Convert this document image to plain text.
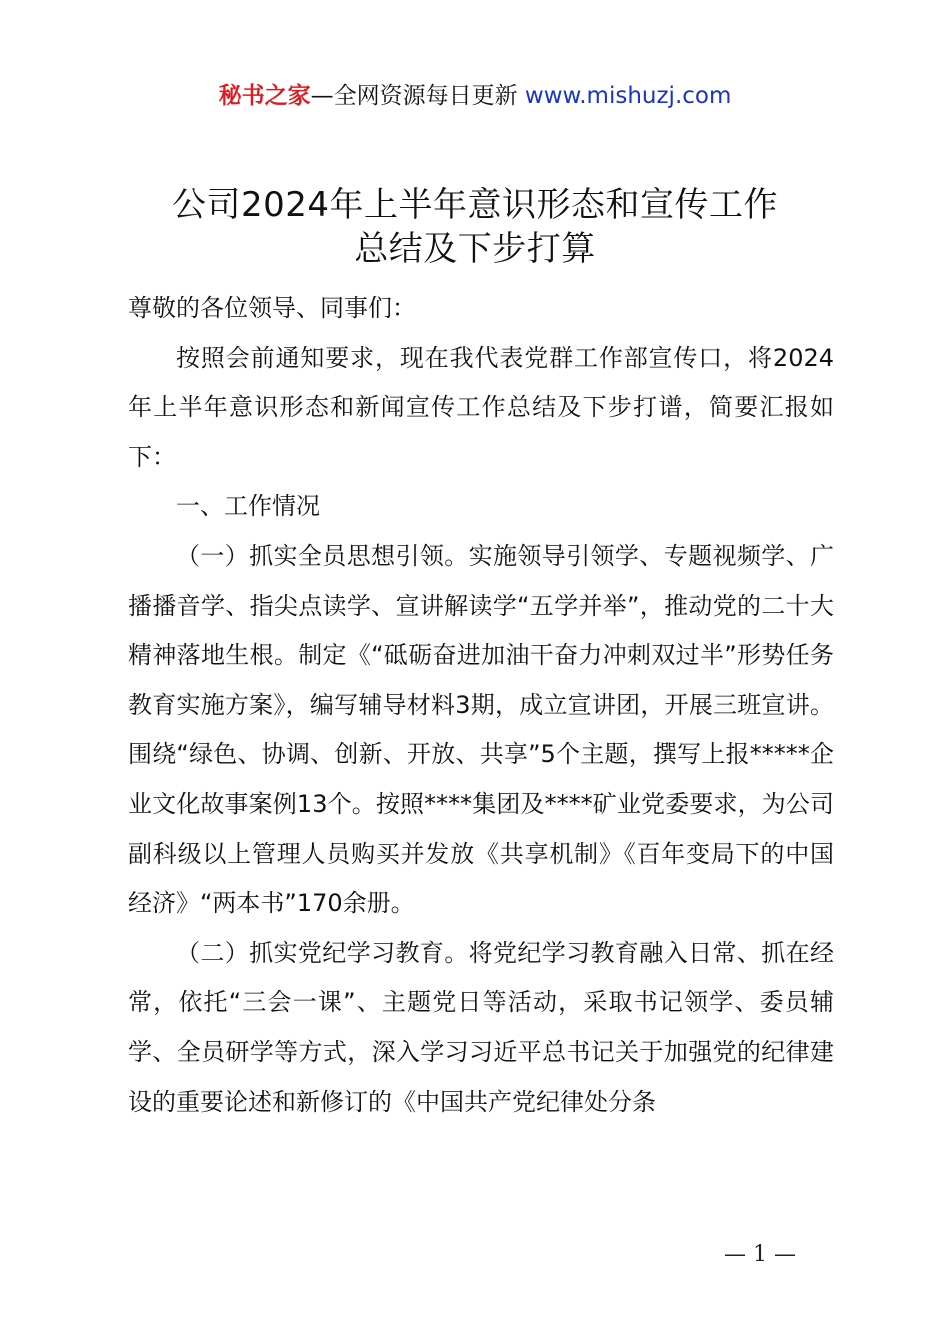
秘书之家—全网资源每日更新 www.mishuzj.com
公司2024年上半年意识形态和宣传工作
总结及下步打算

尊敬的各位领导、同事们：

按照会前通知要求，现在我代表党群工作部宣传口，将2024年上半年意识形态和新闻宣传工作总结及下步打谱，简要汇报如下：

一、工作情况

（一）抓实全员思想引领。实施领导引领学、专题视频学、广播播音学、指尖点读学、宣讲解读学“五学并举”，推动党的二十大精神落地生根。制定《“砥砺奋进加油干奋力冲刺双过半”形势任务教育实施方案》，编写辅导材料3期，成立宣讲团，开展三班宣讲。围绕“绿色、协调、创新、开放、共享”5个主题，撰写上报*****企业文化故事案例13个。按照****集团及****矿业党委要求，为公司副科级以上管理人员购买并发放《共享机制》《百年变局下的中国经济》“两本书”170余册。

（二）抓实党纪学习教育。将党纪学习教育融入日常、抓在经常，依托“三会一课”、主题党日等活动，采取书记领学、委员辅学、全员研学等方式，深入学习习近平总书记关于加强党的纪律建设的重要论述和新修订的《中国共产党纪律处分条

— 1 —
